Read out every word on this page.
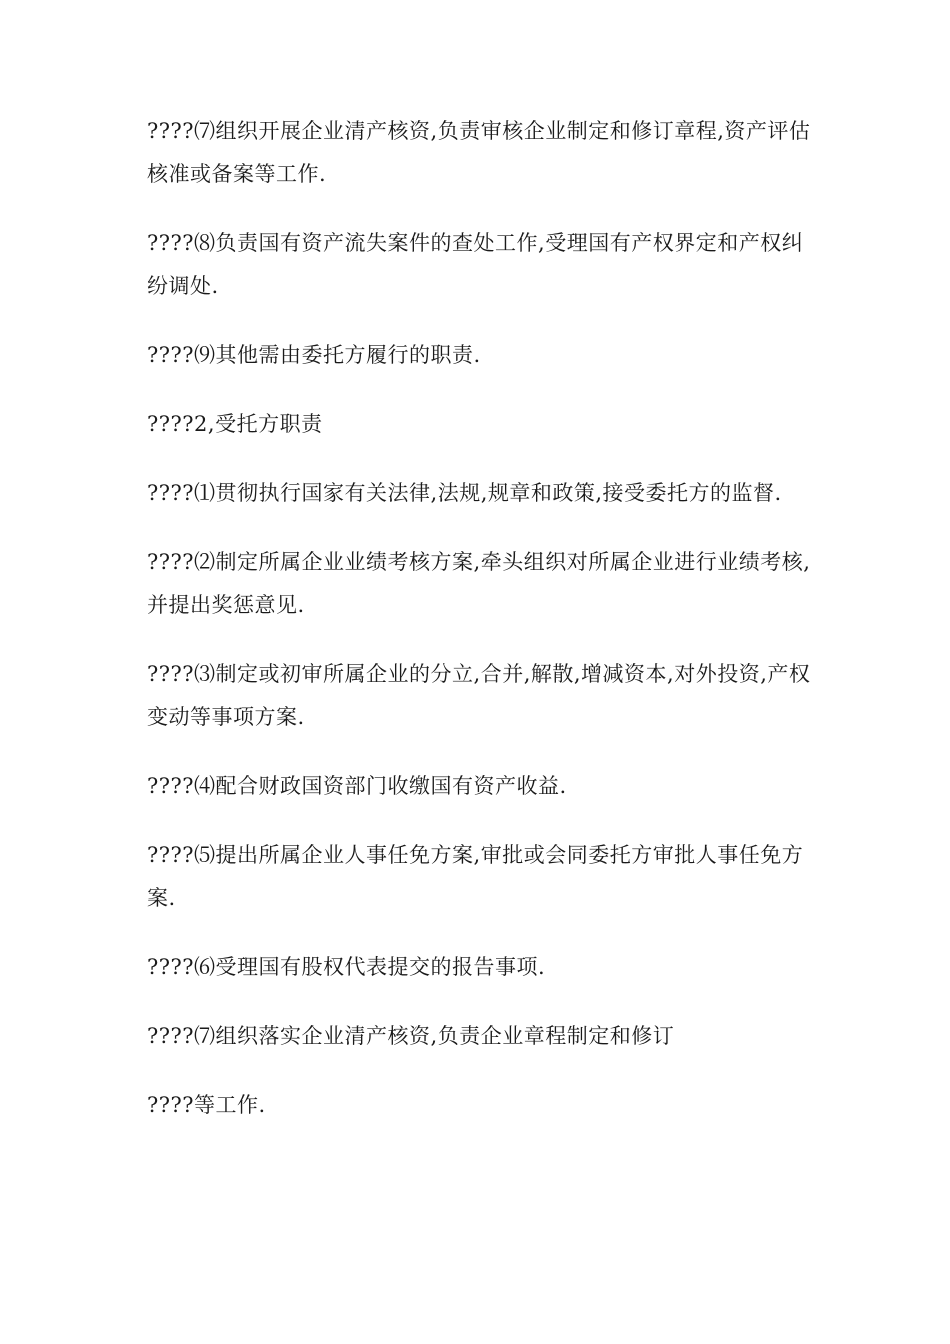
????⑺组织开展企业清产核资,负责审核企业制定和修订章程,资产评估核准或备案等工作.

????⑻负责国有资产流失案件的查处工作,受理国有产权界定和产权纠纷调处.

????⑼其他需由委托方履行的职责.

????2,受托方职责

????⑴贯彻执行国家有关法律,法规,规章和政策,接受委托方的监督.

????⑵制定所属企业业绩考核方案,牵头组织对所属企业进行业绩考核,并提出奖惩意见.

????⑶制定或初审所属企业的分立,合并,解散,增减资本,对外投资,产权变动等事项方案.

????⑷配合财政国资部门收缴国有资产收益.

????⑸提出所属企业人事任免方案,审批或会同委托方审批人事任免方案.

????⑹受理国有股权代表提交的报告事项.

????⑺组织落实企业清产核资,负责企业章程制定和修订

????等工作.
